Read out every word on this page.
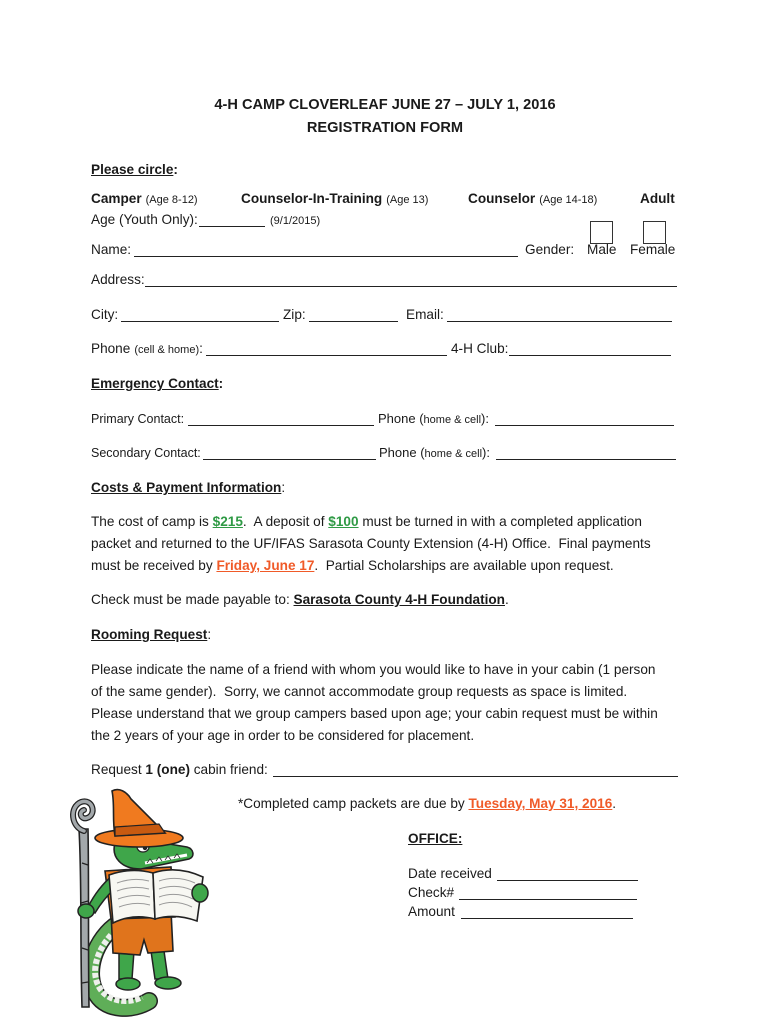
4-H CAMP CLOVERLEAF JUNE 27 – JULY 1, 2016
REGISTRATION FORM
Please circle:
Camper (Age 8-12)	Counselor-In-Training (Age 13)	Counselor (Age 14-18)	Adult
Age (Youth Only):	(9/1/2015)
Name:	Gender: Male Female
Address:
City:	Zip:	Email:
Phone (cell & home):	4-H Club:
Emergency Contact:
Primary Contact:	Phone (home & cell):
Secondary Contact:	Phone (home & cell):
Costs & Payment Information:
The cost of camp is $215.  A deposit of $100 must be turned in with a completed application
packet and returned to the UF/IFAS Sarasota County Extension (4-H) Office.  Final payments
must be received by Friday, June 17.  Partial Scholarships are available upon request.
Check must be made payable to: Sarasota County 4-H Foundation.
Rooming Request:
Please indicate the name of a friend with whom you would like to have in your cabin (1 person
of the same gender).  Sorry, we cannot accommodate group requests as space is limited.
Please understand that we group campers based upon age; your cabin request must be within
the 2 years of your age in order to be considered for placement.
Request 1 (one) cabin friend:
*Completed camp packets are due by Tuesday, May 31, 2016.
OFFICE:
Date received
Check#
Amount
